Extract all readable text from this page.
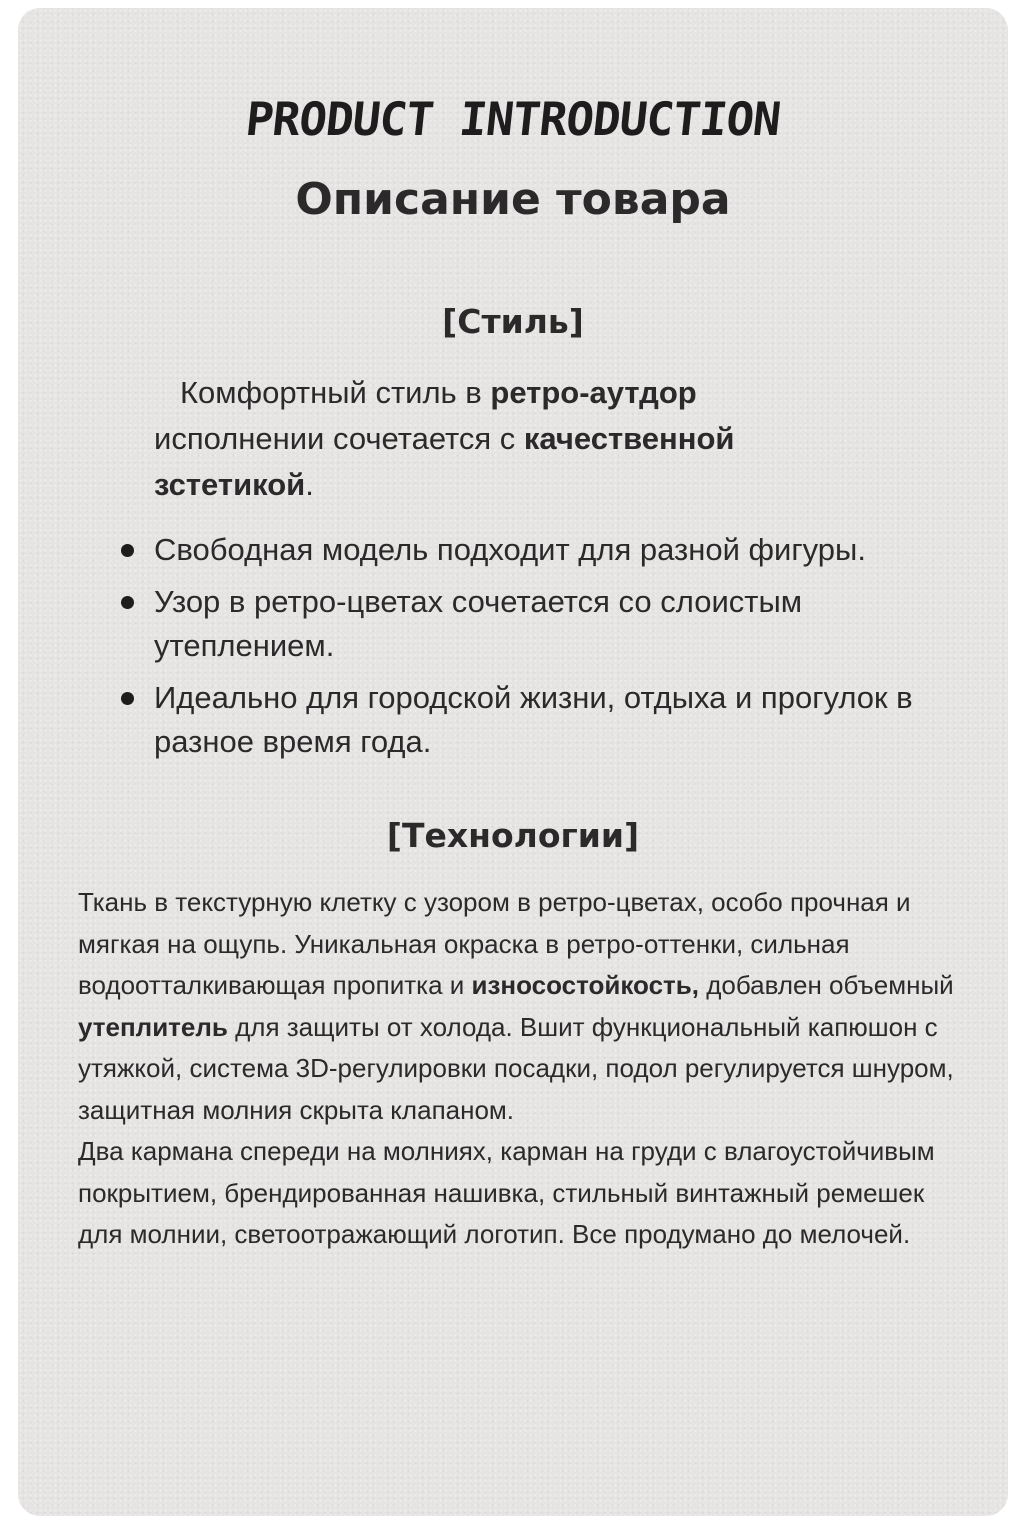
PRODUCT INTRODUCTION
Описание товара
[Стиль]
Комфортный стиль в ретро-аутдор исполнении сочетается с качественной зстетикой.
Свободная модель подходит для разной фигуры.
Узор в ретро-цветах сочетается со слоистым утеплением.
Идеально для городской жизни, отдыха и прогулок в разное время года.
[Технологии]

Ткань в текстурную клетку с узором в ретро-цветах, особо прочная и мягкая на ощупь. Уникальная окраска в ретро-оттенки, сильная водоотталкивающая пропитка и износостойкость, добавлен объемный утеплитель для защиты от холода. Вшит функциональный капюшон с утяжкой, система 3D-регулировки посадки, подол регулируется шнуром, защитная молния скрыта клапаном.

Два кармана спереди на молниях, карман на груди с влагоустойчивым покрытием, брендированная нашивка, стильный винтажный ремешек для молнии, светоотражающий логотип. Все продумано до мелочей.
